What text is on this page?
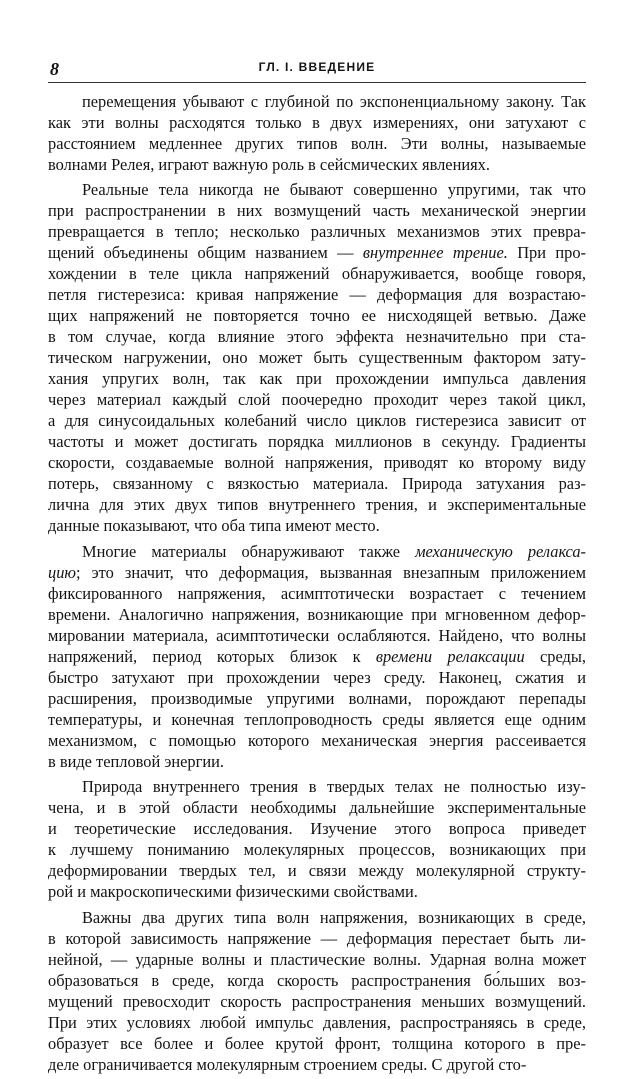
8	ГЛ. I. ВВЕДЕНИЕ
перемещения убывают с глубиной по экспоненциальному закону. Так
как эти волны расходятся только в двух измерениях, они затухают с
расстоянием медленнее других типов волн. Эти волны, называемые
волнами Релея, играют важную роль в сейсмических явлениях.
Реальные тела никогда не бывают совершенно упругими, так что
при распространении в них возмущений часть механической энергии
превращается в тепло; несколько различных механизмов этих превра-
щений объединены общим названием — внутреннее трение. При про-
хождении в теле цикла напряжений обнаруживается, вообще говоря,
петля гистерезиса: кривая напряжение — деформация для возрастаю-
щих напряжений не повторяется точно ее нисходящей ветвью. Даже
в том случае, когда влияние этого эффекта незначительно при ста-
тическом нагружении, оно может быть существенным фактором зату-
хания упругих волн, так как при прохождении импульса давления
через материал каждый слой поочередно проходит через такой цикл,
а для синусоидальных колебаний число циклов гистерезиса зависит от
частоты и может достигать порядка миллионов в секунду. Градиенты
скорости, создаваемые волной напряжения, приводят ко второму виду
потерь, связанному с вязкостью материала. Природа затухания раз-
лична для этих двух типов внутреннего трения, и экспериментальные
данные показывают, что оба типа имеют место.
Многие материалы обнаруживают также механическую релакса-
цию; это значит, что деформация, вызванная внезапным приложением
фиксированного напряжения, асимптотически возрастает с течением
времени. Аналогично напряжения, возникающие при мгновенном дефор-
мировании материала, асимптотически ослабляются. Найдено, что волны
напряжений, период которых близок к времени релаксации среды,
быстро затухают при прохождении через среду. Наконец, сжатия и
расширения, производимые упругими волнами, порождают перепады
температуры, и конечная теплопроводность среды является еще одним
механизмом, с помощью которого механическая энергия рассеивается
в виде тепловой энергии.
Природа внутреннего трения в твердых телах не полностью изу-
чена, и в этой области необходимы дальнейшие экспериментальные
и теоретические исследования. Изучение этого вопроса приведет
к лучшему пониманию молекулярных процессов, возникающих при
деформировании твердых тел, и связи между молекулярной структу-
рой и макроскопическими физическими свойствами.
Важны два других типа волн напряжения, возникающих в среде,
в которой зависимость напряжение — деформация перестает быть ли-
нейной, — ударные волны и пластические волны. Ударная волна может
образоваться в среде, когда скорость распространения бо́льших воз-
мущений превосходит скорость распространения меньших возмущений.
При этих условиях любой импульс давления, распространяясь в среде,
образует все более и более крутой фронт, толщина которого в пре-
деле ограничивается молекулярным строением среды. С другой сто-
